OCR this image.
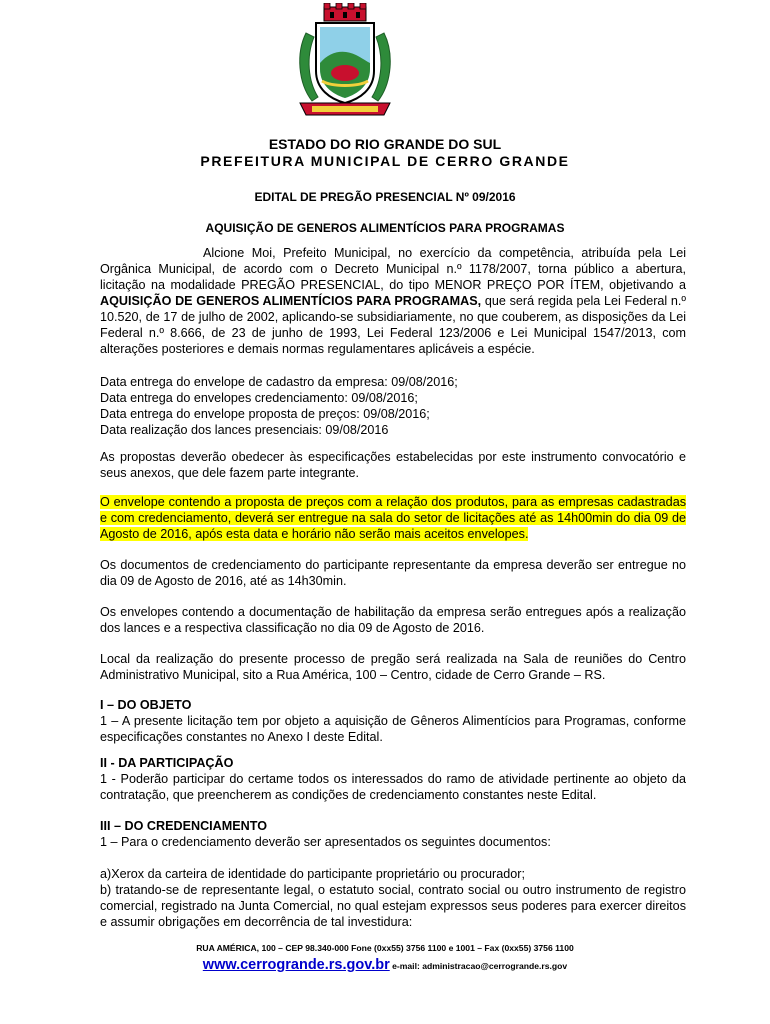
ESTADO DO RIO GRANDE DO SUL
PREFEITURA MUNICIPAL DE CERRO GRANDE
EDITAL DE PREGÃO PRESENCIAL Nº 09/2016
AQUISIÇÃO DE GENEROS ALIMENTÍCIOS PARA PROGRAMAS

Alcione Moi, Prefeito Municipal, no exercício da competência, atribuída pela Lei Orgânica Municipal, de acordo com o Decreto Municipal n.º 1178/2007, torna público a abertura, licitação na modalidade PREGÃO PRESENCIAL, do tipo MENOR PREÇO POR ÍTEM, objetivando a AQUISIÇÃO DE GENEROS ALIMENTÍCIOS PARA PROGRAMAS, que será regida pela Lei Federal n.º 10.520, de 17 de julho de 2002, aplicando-se subsidiariamente, no que couberem, as disposições da Lei Federal n.º 8.666, de 23 de junho de 1993, Lei Federal 123/2006 e Lei Municipal 1547/2013, com alterações posteriores e demais normas regulamentares aplicáveis a espécie.

Data entrega do envelope de cadastro da empresa: 09/08/2016;
Data entrega do envelopes credenciamento: 09/08/2016;
Data entrega do envelope proposta de preços: 09/08/2016;
Data realização dos lances presenciais: 09/08/2016

As propostas deverão obedecer às especificações estabelecidas por este instrumento convocatório e seus anexos, que dele fazem parte integrante.

O envelope contendo a proposta de preços com a relação dos produtos, para as empresas cadastradas e com credenciamento, deverá ser entregue na sala do setor de licitações até as 14h00min do dia 09 de Agosto de 2016, após esta data e horário não serão mais aceitos envelopes.

Os documentos de credenciamento do participante representante da empresa deverão ser entregue no dia 09 de Agosto de 2016, até as 14h30min.

Os envelopes contendo a documentação de habilitação da empresa serão entregues após a realização dos lances e a respectiva classificação no dia 09 de Agosto de 2016.

Local da realização do presente processo de pregão será realizada na Sala de reuniões do Centro Administrativo Municipal, sito a Rua América, 100 – Centro, cidade de Cerro Grande – RS.

I – DO OBJETO
1 – A presente licitação tem por objeto a aquisição de Gêneros Alimentícios para Programas, conforme especificações constantes no Anexo I deste Edital.
II - DA PARTICIPAÇÃO
1 - Poderão participar do certame todos os interessados do ramo de atividade pertinente ao objeto da contratação, que preencherem as condições de credenciamento constantes neste Edital.
III – DO CREDENCIAMENTO
1 – Para o credenciamento deverão ser apresentados os seguintes documentos:
a)Xerox da carteira de identidade do participante proprietário ou procurador;
b) tratando-se de representante legal, o estatuto social, contrato social ou outro instrumento de registro comercial, registrado na Junta Comercial, no qual estejam expressos seus poderes para exercer direitos e assumir obrigações em decorrência de tal investidura:
RUA AMÉRICA, 100 – CEP 98.340-000 Fone (0xx55) 3756 1100 e 1001 – Fax (0xx55) 3756 1100
www.cerrogrande.rs.gov.br e-mail: administracao@cerrogrande.rs.gov
